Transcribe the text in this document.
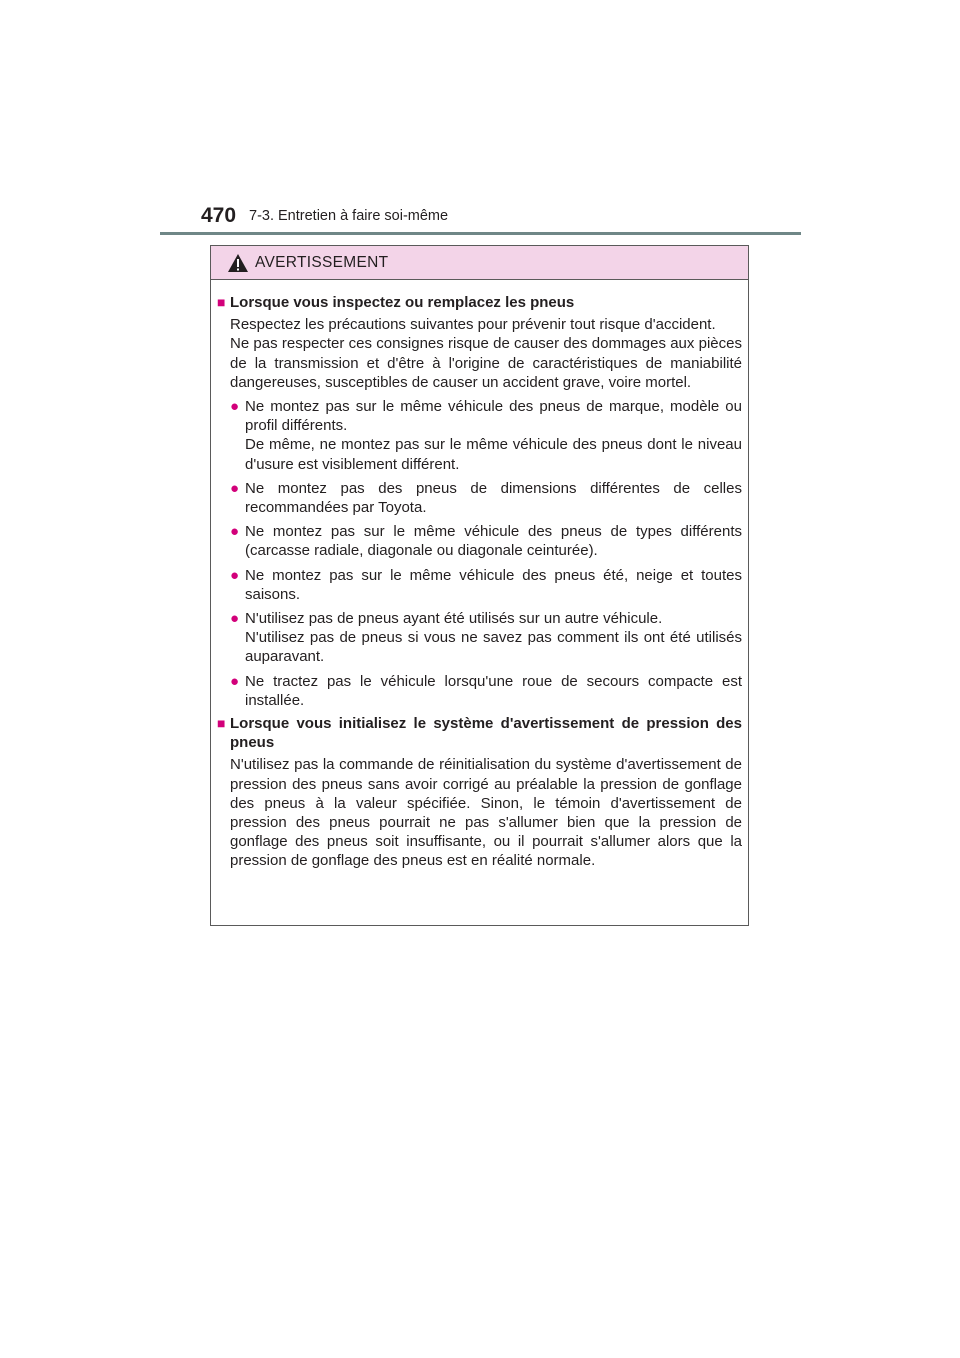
470 7-3. Entretien à faire soi-même
AVERTISSEMENT
■ Lorsque vous inspectez ou remplacez les pneus
Respectez les précautions suivantes pour prévenir tout risque d'accident.
Ne pas respecter ces consignes risque de causer des dommages aux pièces de la transmission et d'être à l'origine de caractéristiques de maniabilité dangereuses, susceptibles de causer un accident grave, voire mortel.
● Ne montez pas sur le même véhicule des pneus de marque, modèle ou profil différents.
De même, ne montez pas sur le même véhicule des pneus dont le niveau d'usure est visiblement différent.
● Ne montez pas des pneus de dimensions différentes de celles recommandées par Toyota.
● Ne montez pas sur le même véhicule des pneus de types différents (carcasse radiale, diagonale ou diagonale ceinturée).
● Ne montez pas sur le même véhicule des pneus été, neige et toutes saisons.
● N'utilisez pas de pneus ayant été utilisés sur un autre véhicule.
N'utilisez pas de pneus si vous ne savez pas comment ils ont été utilisés auparavant.
● Ne tractez pas le véhicule lorsqu'une roue de secours compacte est installée.
■ Lorsque vous initialisez le système d'avertissement de pression des pneus
N'utilisez pas la commande de réinitialisation du système d'avertissement de pression des pneus sans avoir corrigé au préalable la pression de gonflage des pneus à la valeur spécifiée. Sinon, le témoin d'avertissement de pression des pneus pourrait ne pas s'allumer bien que la pression de gonflage des pneus soit insuffisante, ou il pourrait s'allumer alors que la pression de gonflage des pneus est en réalité normale.
